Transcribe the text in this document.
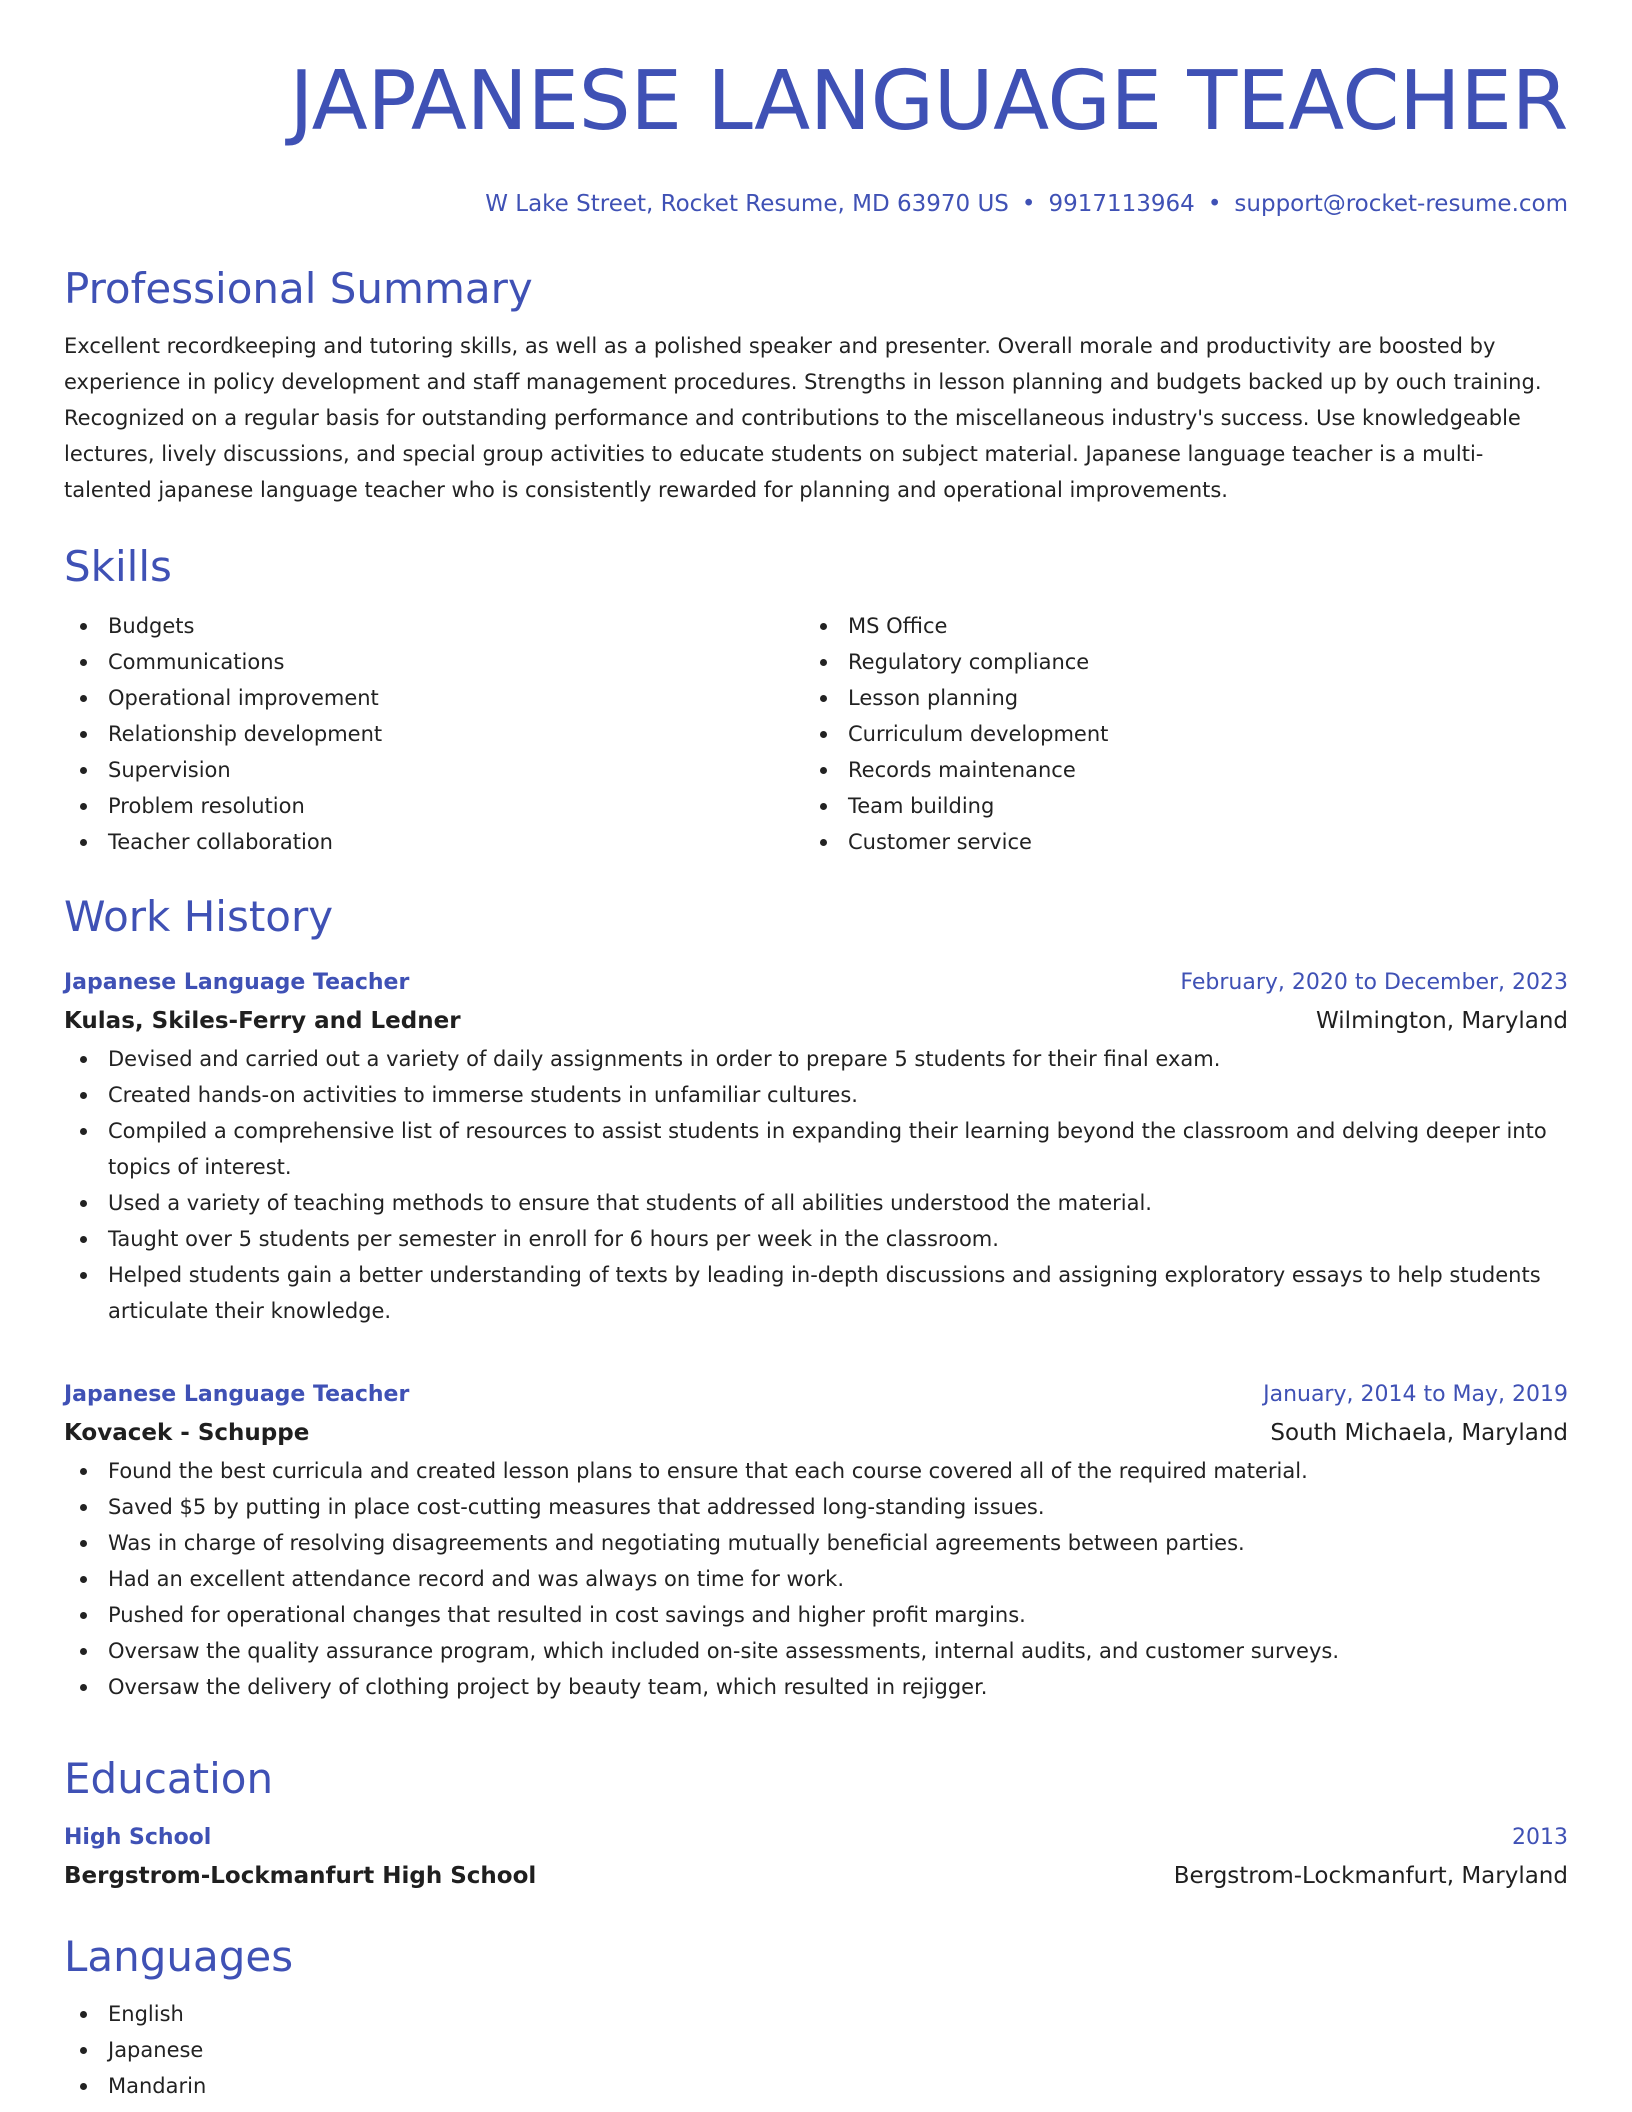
JAPANESE LANGUAGE TEACHER
W Lake Street, Rocket Resume, MD 63970 US • 9917113964 • support@rocket-resume.com
Professional Summary

Excellent recordkeeping and tutoring skills, as well as a polished speaker and presenter. Overall morale and productivity are boosted by experience in policy development and staff management procedures. Strengths in lesson planning and budgets backed up by ouch training. Recognized on a regular basis for outstanding performance and contributions to the miscellaneous industry's success. Use knowledgeable lectures, lively discussions, and special group activities to educate students on subject material. Japanese language teacher is a multi-talented japanese language teacher who is consistently rewarded for planning and operational improvements.

Skills
Budgets
Communications
Operational improvement
Relationship development
Supervision
Problem resolution
Teacher collaboration
MS Office
Regulatory compliance
Lesson planning
Curriculum development
Records maintenance
Team building
Customer service
Work History
Japanese Language Teacher	February, 2020 to December, 2023
Kulas, Skiles-Ferry and Ledner	Wilmington, Maryland
Devised and carried out a variety of daily assignments in order to prepare 5 students for their final exam.
Created hands-on activities to immerse students in unfamiliar cultures.
Compiled a comprehensive list of resources to assist students in expanding their learning beyond the classroom and delving deeper into topics of interest.
Used a variety of teaching methods to ensure that students of all abilities understood the material.
Taught over 5 students per semester in enroll for 6 hours per week in the classroom.
Helped students gain a better understanding of texts by leading in-depth discussions and assigning exploratory essays to help students articulate their knowledge.
Japanese Language Teacher	January, 2014 to May, 2019
Kovacek - Schuppe	South Michaela, Maryland
Found the best curricula and created lesson plans to ensure that each course covered all of the required material.
Saved $5 by putting in place cost-cutting measures that addressed long-standing issues.
Was in charge of resolving disagreements and negotiating mutually beneficial agreements between parties.
Had an excellent attendance record and was always on time for work.
Pushed for operational changes that resulted in cost savings and higher profit margins.
Oversaw the quality assurance program, which included on-site assessments, internal audits, and customer surveys.
Oversaw the delivery of clothing project by beauty team, which resulted in rejigger.
Education
High School	2013
Bergstrom-Lockmanfurt High School	Bergstrom-Lockmanfurt, Maryland
Languages
English
Japanese
Mandarin
